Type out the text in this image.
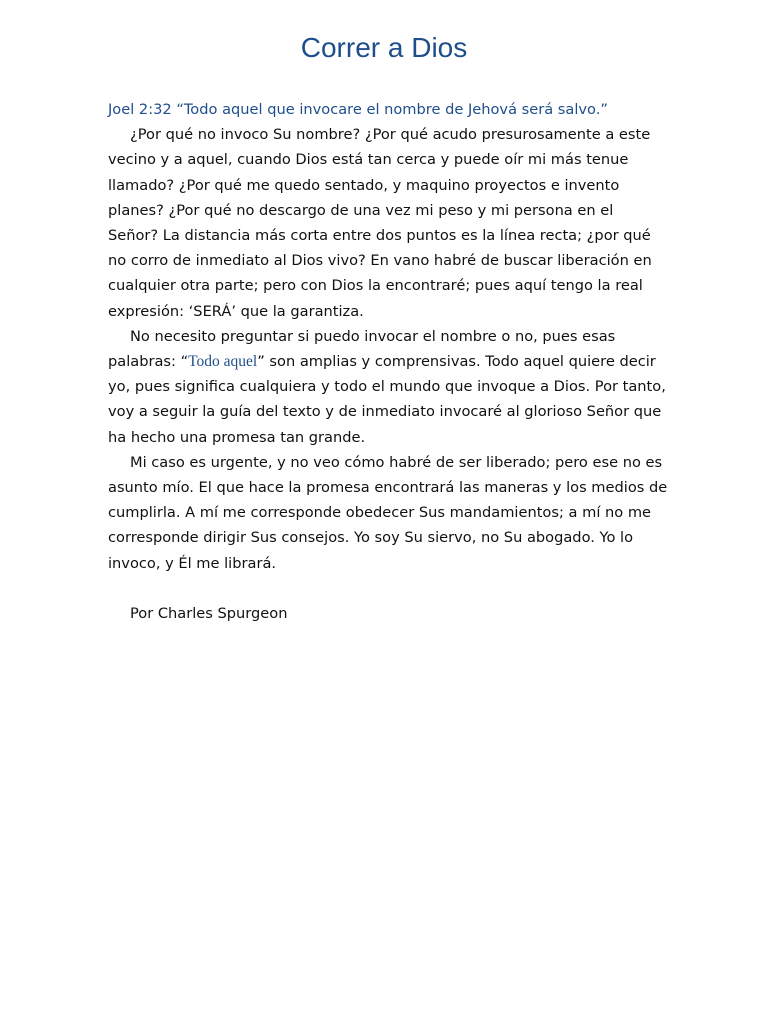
Correr a Dios

Joel 2:32 “Todo aquel que invocare el nombre de Jehová será salvo.”

¿Por qué no invoco Su nombre? ¿Por qué acudo presurosamente a este vecino y a aquel, cuando Dios está tan cerca y puede oír mi más tenue llamado? ¿Por qué me quedo sentado, y maquino proyectos e invento planes? ¿Por qué no descargo de una vez mi peso y mi persona en el Señor? La distancia más corta entre dos puntos es la línea recta; ¿por qué no corro de inmediato al Dios vivo? En vano habré de buscar liberación en cualquier otra parte; pero con Dios la encontraré; pues aquí tengo la real expresión: ‘SERÁ’ que la garantiza.

No necesito preguntar si puedo invocar el nombre o no, pues esas palabras: “Todo aquel” son amplias y comprensivas. Todo aquel quiere decir yo, pues significa cualquiera y todo el mundo que invoque a Dios. Por tanto, voy a seguir la guía del texto y de inmediato invocaré al glorioso Señor que ha hecho una promesa tan grande.

Mi caso es urgente, y no veo cómo habré de ser liberado; pero ese no es asunto mío. El que hace la promesa encontrará las maneras y los medios de cumplirla. A mí me corresponde obedecer Sus mandamientos; a mí no me corresponde dirigir Sus consejos. Yo soy Su siervo, no Su abogado. Yo lo invoco, y Él me librará.

Por Charles Spurgeon
